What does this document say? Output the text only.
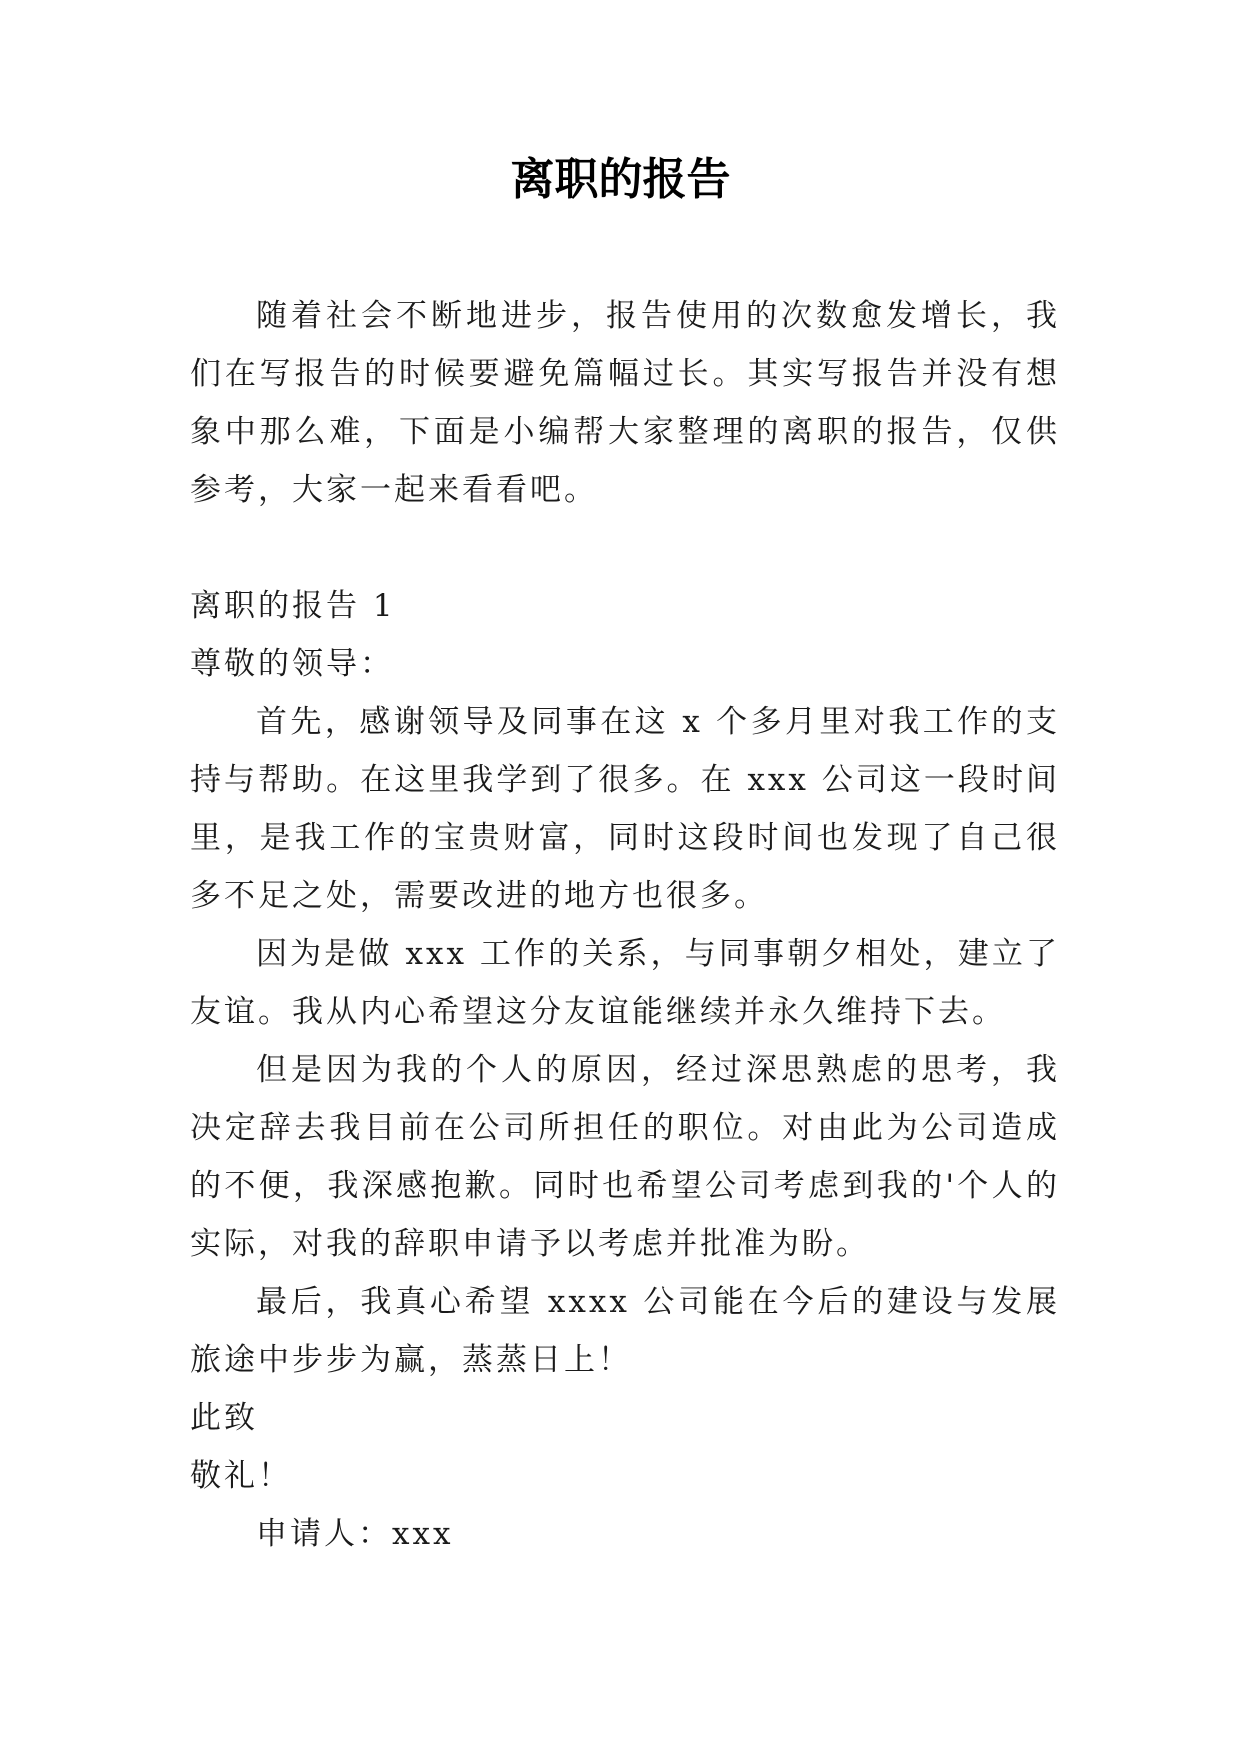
离职的报告

随着社会不断地进步，报告使用的次数愈发增长，我们在写报告的时候要避免篇幅过长。其实写报告并没有想象中那么难，下面是小编帮大家整理的离职的报告，仅供参考，大家一起来看看吧。

离职的报告 1

尊敬的领导：

首先，感谢领导及同事在这 x 个多月里对我工作的支持与帮助。在这里我学到了很多。在 xxx 公司这一段时间里，是我工作的宝贵财富，同时这段时间也发现了自己很多不足之处，需要改进的地方也很多。

因为是做 xxx 工作的关系，与同事朝夕相处，建立了友谊。我从内心希望这分友谊能继续并永久维持下去。

但是因为我的个人的原因，经过深思熟虑的思考，我决定辞去我目前在公司所担任的职位。对由此为公司造成的不便，我深感抱歉。同时也希望公司考虑到我的'个人的实际，对我的辞职申请予以考虑并批准为盼。

最后，我真心希望 xxxx 公司能在今后的建设与发展旅途中步步为赢，蒸蒸日上！

此致

敬礼！

申请人：xxx
